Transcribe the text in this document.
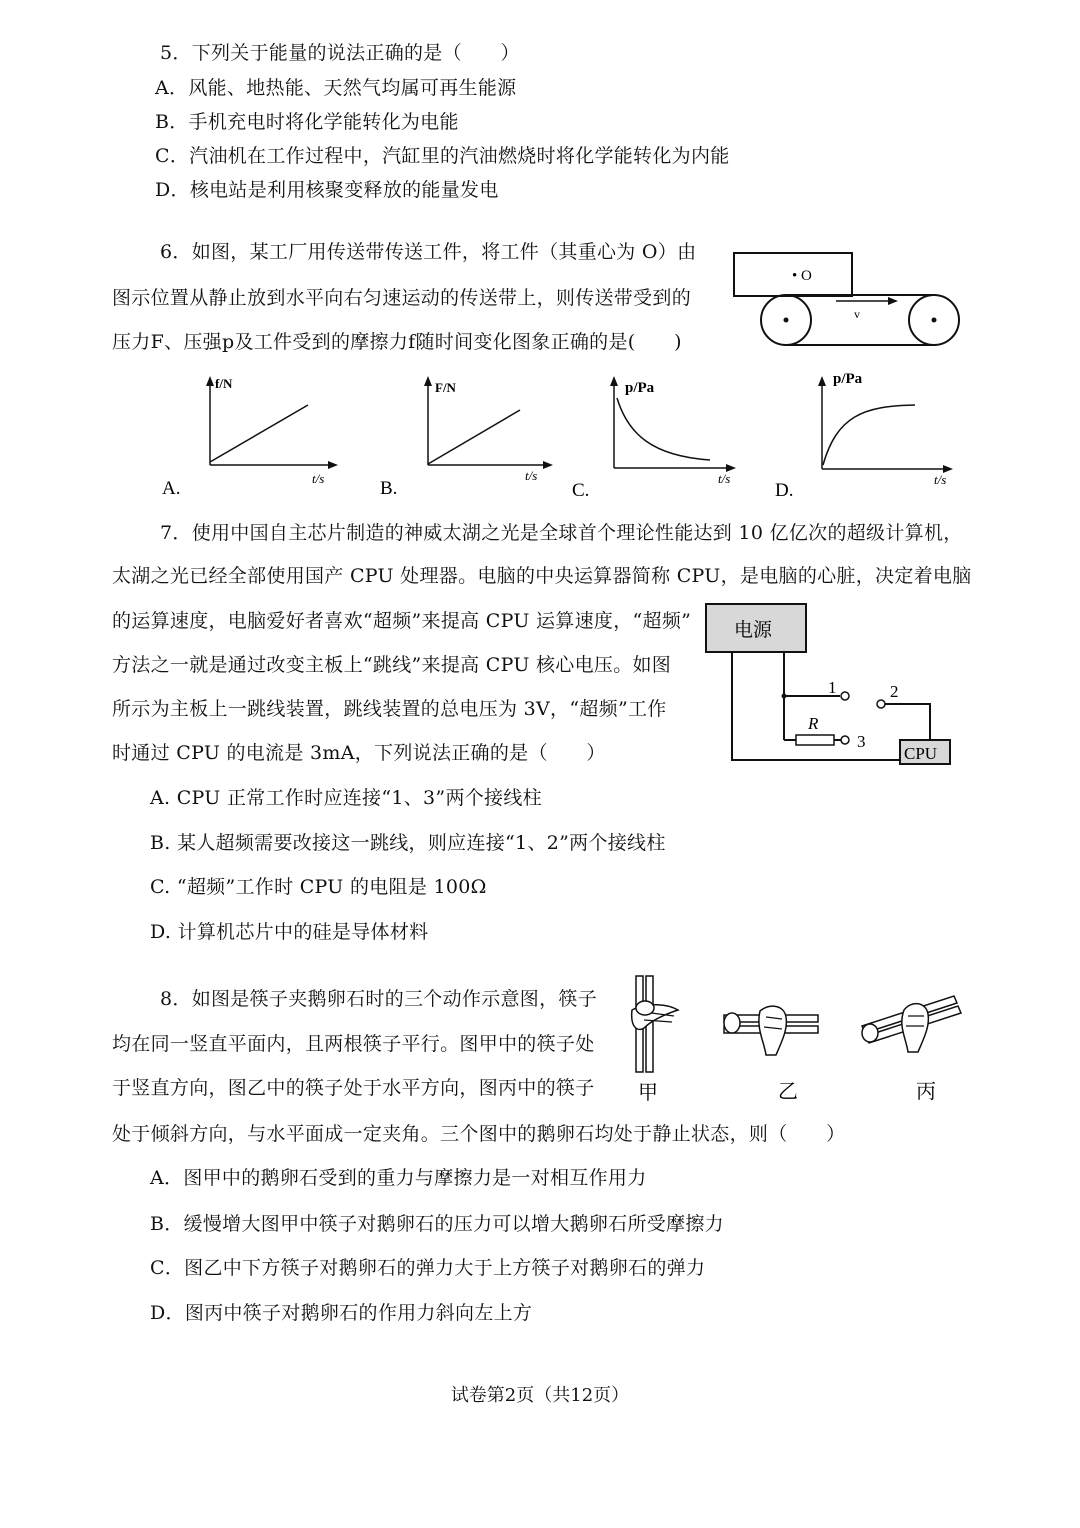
5．下列关于能量的说法正确的是（　　）
A．风能、地热能、天然气均属可再生能源
B．手机充电时将化学能转化为电能
C．汽油机在工作过程中，汽缸里的汽油燃烧时将化学能转化为内能
D．核电站是利用核聚变释放的能量发电
6．如图，某工厂用传送带传送工件，将工件（其重心为 O）由
图示位置从静止放到水平向右匀速运动的传送带上，则传送带受到的
压力F、压强p及工件受到的摩擦力f随时间变化图象正确的是(　　)
• O
v
f/N
t/s
A.
F/N
t/s
B.
p/Pa
t/s
C.
p/Pa
t/s
D.
7．使用中国自主芯片制造的神威太湖之光是全球首个理论性能达到 10 亿亿次的超级计算机，
太湖之光已经全部使用国产 CPU 处理器。电脑的中央运算器简称 CPU，是电脑的心脏，决定着电脑
的运算速度，电脑爱好者喜欢“超频”来提高 CPU 运算速度，“超频”
方法之一就是通过改变主板上“跳线”来提高 CPU 核心电压。如图
所示为主板上一跳线装置，跳线装置的总电压为 3V，“超频”工作
时通过 CPU 的电流是 3mA，下列说法正确的是（　　）
A. CPU 正常工作时应连接“1、3”两个接线柱
B. 某人超频需要改接这一跳线，则应连接“1、2”两个接线柱
C. “超频”工作时 CPU 的电阻是 100Ω
D. 计算机芯片中的硅是导体材料
电源
1	2
R
3
CPU
8．如图是筷子夹鹅卵石时的三个动作示意图，筷子
均在同一竖直平面内，且两根筷子平行。图甲中的筷子处
于竖直方向，图乙中的筷子处于水平方向，图丙中的筷子
处于倾斜方向，与水平面成一定夹角。三个图中的鹅卵石均处于静止状态，则（　　）
A．图甲中的鹅卵石受到的重力与摩擦力是一对相互作用力
B．缓慢增大图甲中筷子对鹅卵石的压力可以增大鹅卵石所受摩擦力
C．图乙中下方筷子对鹅卵石的弹力大于上方筷子对鹅卵石的弹力
D．图丙中筷子对鹅卵石的作用力斜向左上方
甲	乙	丙
试卷第2页（共12页）
